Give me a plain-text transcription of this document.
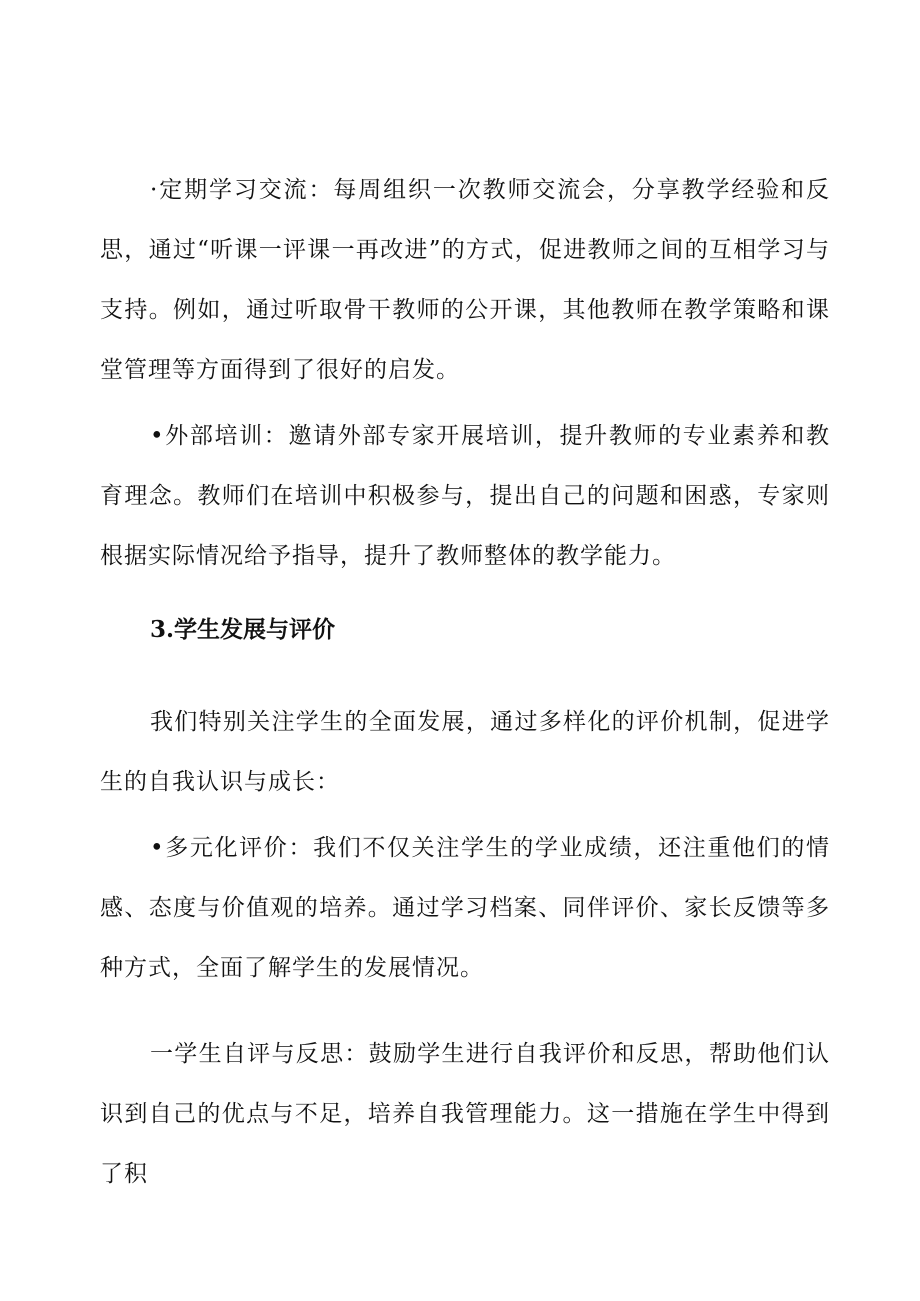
·定期学习交流：每周组织一次教师交流会，分享教学经验和反思，通过“听课一评课一再改进”的方式，促进教师之间的互相学习与支持。例如，通过听取骨干教师的公开课，其他教师在教学策略和课堂管理等方面得到了很好的启发。

•外部培训：邀请外部专家开展培训，提升教师的专业素养和教育理念。教师们在培训中积极参与，提出自己的问题和困惑，专家则根据实际情况给予指导，提升了教师整体的教学能力。

3.学生发展与评价

我们特别关注学生的全面发展，通过多样化的评价机制，促进学生的自我认识与成长：

•多元化评价：我们不仅关注学生的学业成绩，还注重他们的情感、态度与价值观的培养。通过学习档案、同伴评价、家长反馈等多种方式，全面了解学生的发展情况。

一学生自评与反思：鼓励学生进行自我评价和反思，帮助他们认识到自己的优点与不足，培养自我管理能力。这一措施在学生中得到了积
